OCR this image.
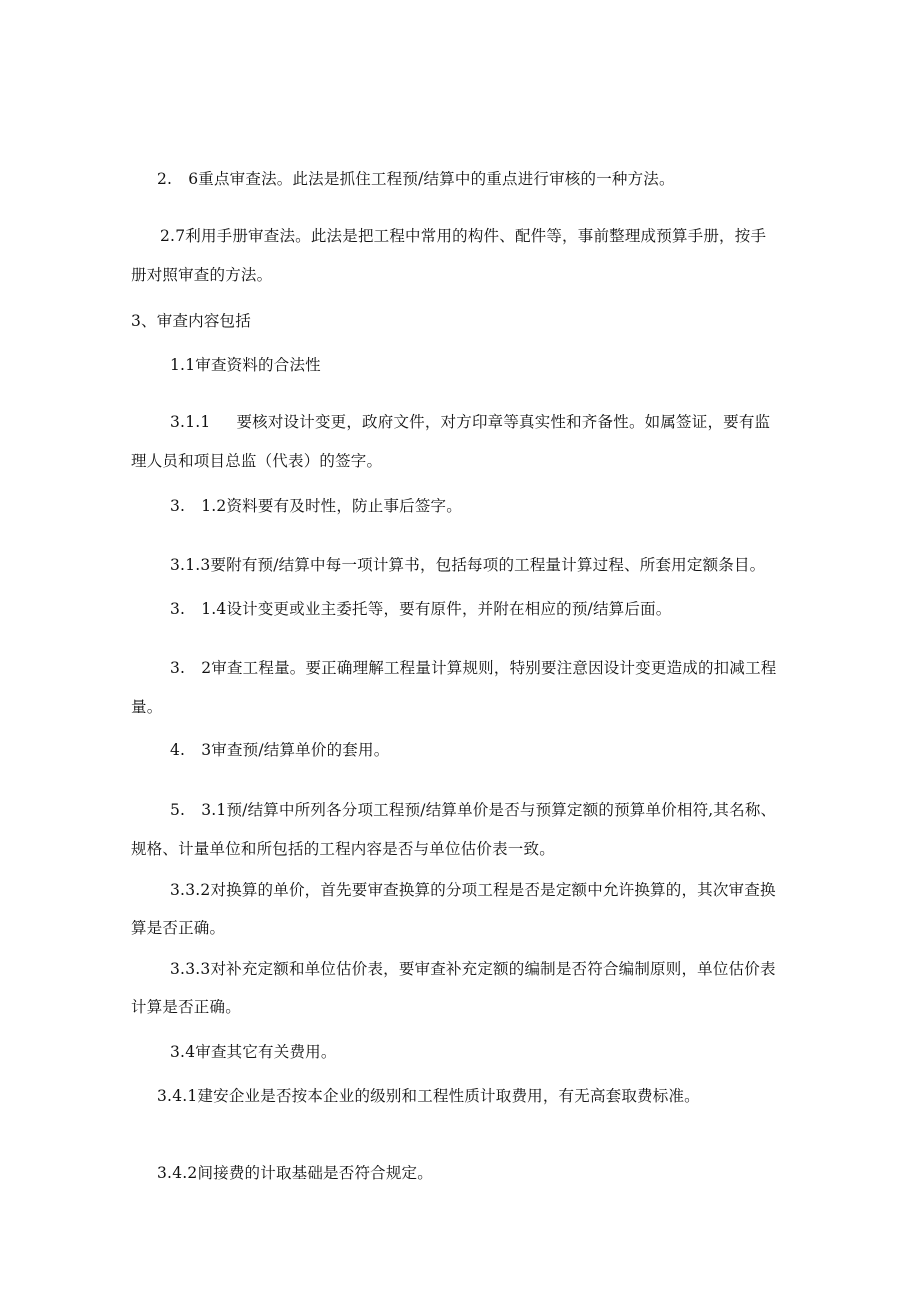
2. 6重点审查法。此法是抓住工程预/结算中的重点进行审核的一种方法。
2.7利用手册审查法。此法是把工程中常用的构件、配件等，事前整理成预算手册，按手
册对照审查的方法。
3、审查内容包括
1.1审查资料的合法性
3.1.1 要核对设计变更，政府文件，对方印章等真实性和齐备性。如属签证，要有监
理人员和项目总监（代表）的签字。
3. 1.2资料要有及时性，防止事后签字。
3.1.3要附有预/结算中每一项计算书，包括每项的工程量计算过程、所套用定额条目。
3. 1.4设计变更或业主委托等，要有原件，并附在相应的预/结算后面。
3. 2审查工程量。要正确理解工程量计算规则，特别要注意因设计变更造成的扣减工程
量。
4. 3审查预/结算单价的套用。
5. 3.1预/结算中所列各分项工程预/结算单价是否与预算定额的预算单价相符,其名称、
规格、计量单位和所包括的工程内容是否与单位估价表一致。
3.3.2对换算的单价，首先要审查换算的分项工程是否是定额中允许换算的，其次审查换
算是否正确。
3.3.3对补充定额和单位估价表，要审查补充定额的编制是否符合编制原则，单位估价表
计算是否正确。
3.4审查其它有关费用。
3.4.1建安企业是否按本企业的级别和工程性质计取费用，有无高套取费标准。
3.4.2间接费的计取基础是否符合规定。
